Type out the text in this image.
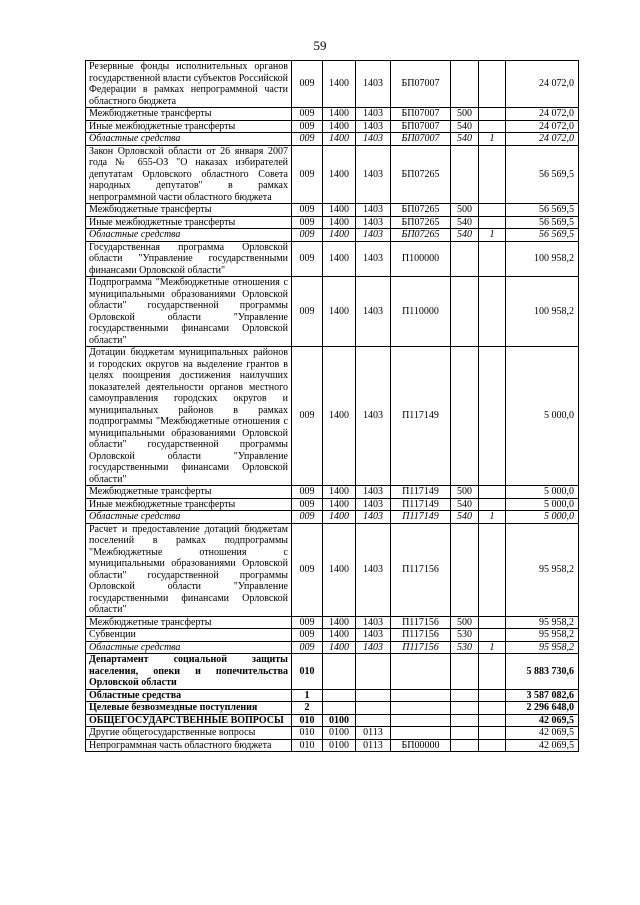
59
Резервные фонды исполнительных органов государственной власти субъектов Российской Федерации в рамках непрограммной части областного бюджета	009	1400	1403	БП07007			24 072,0
Межбюджетные трансферты	009	1400	1403	БП07007	500		24 072,0
Иные межбюджетные трансферты	009	1400	1403	БП07007	540		24 072,0
Областные средства	009	1400	1403	БП07007	540	1	24 072,0
Закон Орловской области от 26 января 2007 года № 655-ОЗ "О наказах избирателей депутатам Орловского областного Совета народных депутатов" в рамках непрограммной части областного бюджета	009	1400	1403	БП07265			56 569,5
Межбюджетные трансферты	009	1400	1403	БП07265	500		56 569,5
Иные межбюджетные трансферты	009	1400	1403	БП07265	540		56 569,5
Областные средства	009	1400	1403	БП07265	540	1	56 569,5
Государственная программа Орловской области "Управление государственными финансами Орловской области"	009	1400	1403	П100000			100 958,2
Подпрограмма "Межбюджетные отношения с муниципальными образованиями Орловской области" государственной программы Орловской области "Управление государственными финансами Орловской области"	009	1400	1403	П110000			100 958,2
Дотации бюджетам муниципальных районов и городских округов на выделение грантов в целях поощрения достижения наилучших показателей деятельности органов местного самоуправления городских округов и муниципальных районов в рамках подпрограммы "Межбюджетные отношения с муниципальными образованиями Орловской области" государственной программы Орловской области "Управление государственными финансами Орловской области"	009	1400	1403	П117149			5 000,0
Межбюджетные трансферты	009	1400	1403	П117149	500		5 000,0
Иные межбюджетные трансферты	009	1400	1403	П117149	540		5 000,0
Областные средства	009	1400	1403	П117149	540	1	5 000,0
Расчет и предоставление дотаций бюджетам поселений в рамках подпрограммы "Межбюджетные отношения с муниципальными образованиями Орловской области" государственной программы Орловской области "Управление государственными финансами Орловской области"	009	1400	1403	П117156			95 958,2
Межбюджетные трансферты	009	1400	1403	П117156	500		95 958,2
Субвенции	009	1400	1403	П117156	530		95 958,2
Областные средства	009	1400	1403	П117156	530	1	95 958,2
Департамент социальной защиты населения, опеки и попечительства Орловской области	010						5 883 730,6
Областные средства	1						3 587 082,6
Целевые безвозмездные поступления	2						2 296 648,0
ОБЩЕГОСУДАРСТВЕННЫЕ ВОПРОСЫ	010	0100					42 069,5
Другие общегосударственные вопросы	010	0100	0113				42 069,5
Непрограммная часть областного бюджета	010	0100	0113	БП00000			42 069,5
